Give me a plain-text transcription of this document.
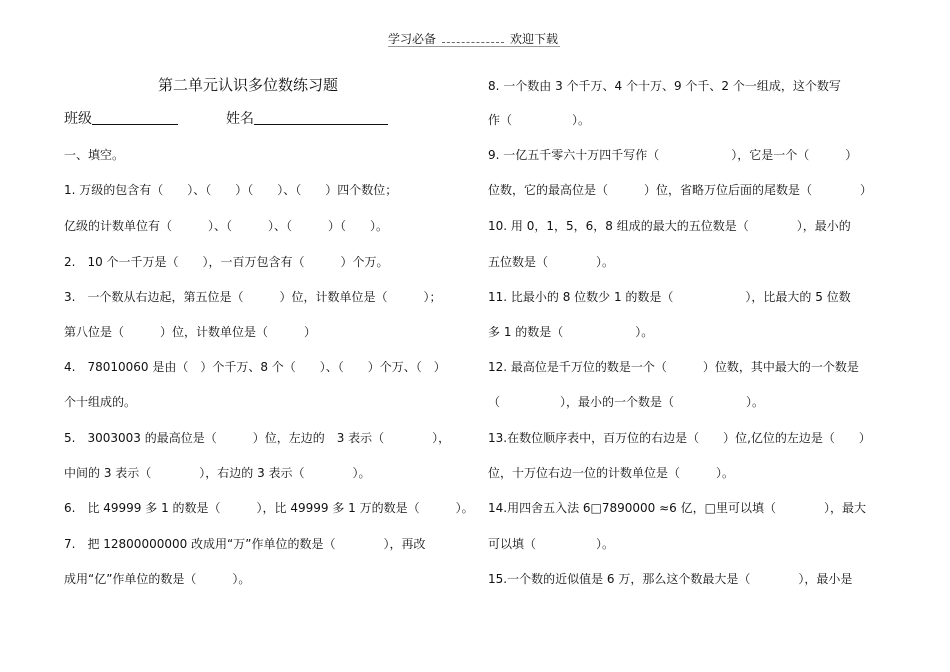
学习必备	欢迎下载
第二单元认识多位数练习题
班级	姓名
一、填空。
1. 万级的包含有（　　）、（　　）（　　）、（　　）四个数位；
亿级的计数单位有（　　　）、（　　　）、（　　　）（　　）。
2.　10 个一千万是（　　），一百万包含有（　　　）个万。
3.　一个数从右边起，第五位是（　　　）位，计数单位是（　　　）；
第八位是（　　　）位，计数单位是（　　　）
4.　78010060 是由（　）个千万、8 个（　　）、（　　）个万、（　）
个十组成的。
5.　3003003 的最高位是（　　　）位，左边的　3 表示（　　　　），
中间的 3 表示（　　　　），右边的 3 表示（　　　　）。
6.　比 49999 多 1 的数是（　　　），比 49999 多 1 万的数是（　　　）。
7.　把 12800000000 改成用“万”作单位的数是（　　　　），再改
成用“亿”作单位的数是（　　　）。
8. 一个数由 3 个千万、4 个十万、9 个千、2 个一组成，这个数写
作（　　　　　）。
9. 一亿五千零六十万四千写作（　　　　　　），它是一个（　　　）
位数，它的最高位是（　　　）位，省略万位后面的尾数是（　　　　）
10. 用 0，1，5，6，8 组成的最大的五位数是（　　　　），最小的
五位数是（　　　　）。
11. 比最小的 8 位数少 1 的数是（　　　　　　），比最大的 5 位数
多 1 的数是（　　　　　　）。
12. 最高位是千万位的数是一个（　　　）位数，其中最大的一个数是
（　　　　　），最小的一个数是（　　　　　　）。
13.在数位顺序表中，百万位的右边是（　　）位,亿位的左边是（　　）
位，十万位右边一位的计数单位是（　　　）。
14.用四舍五入法 6□7890000 ≈6 亿，□里可以填（　　　　），最大
可以填（　　　　　）。
15.一个数的近似值是 6 万，那么这个数最大是（　　　　），最小是
